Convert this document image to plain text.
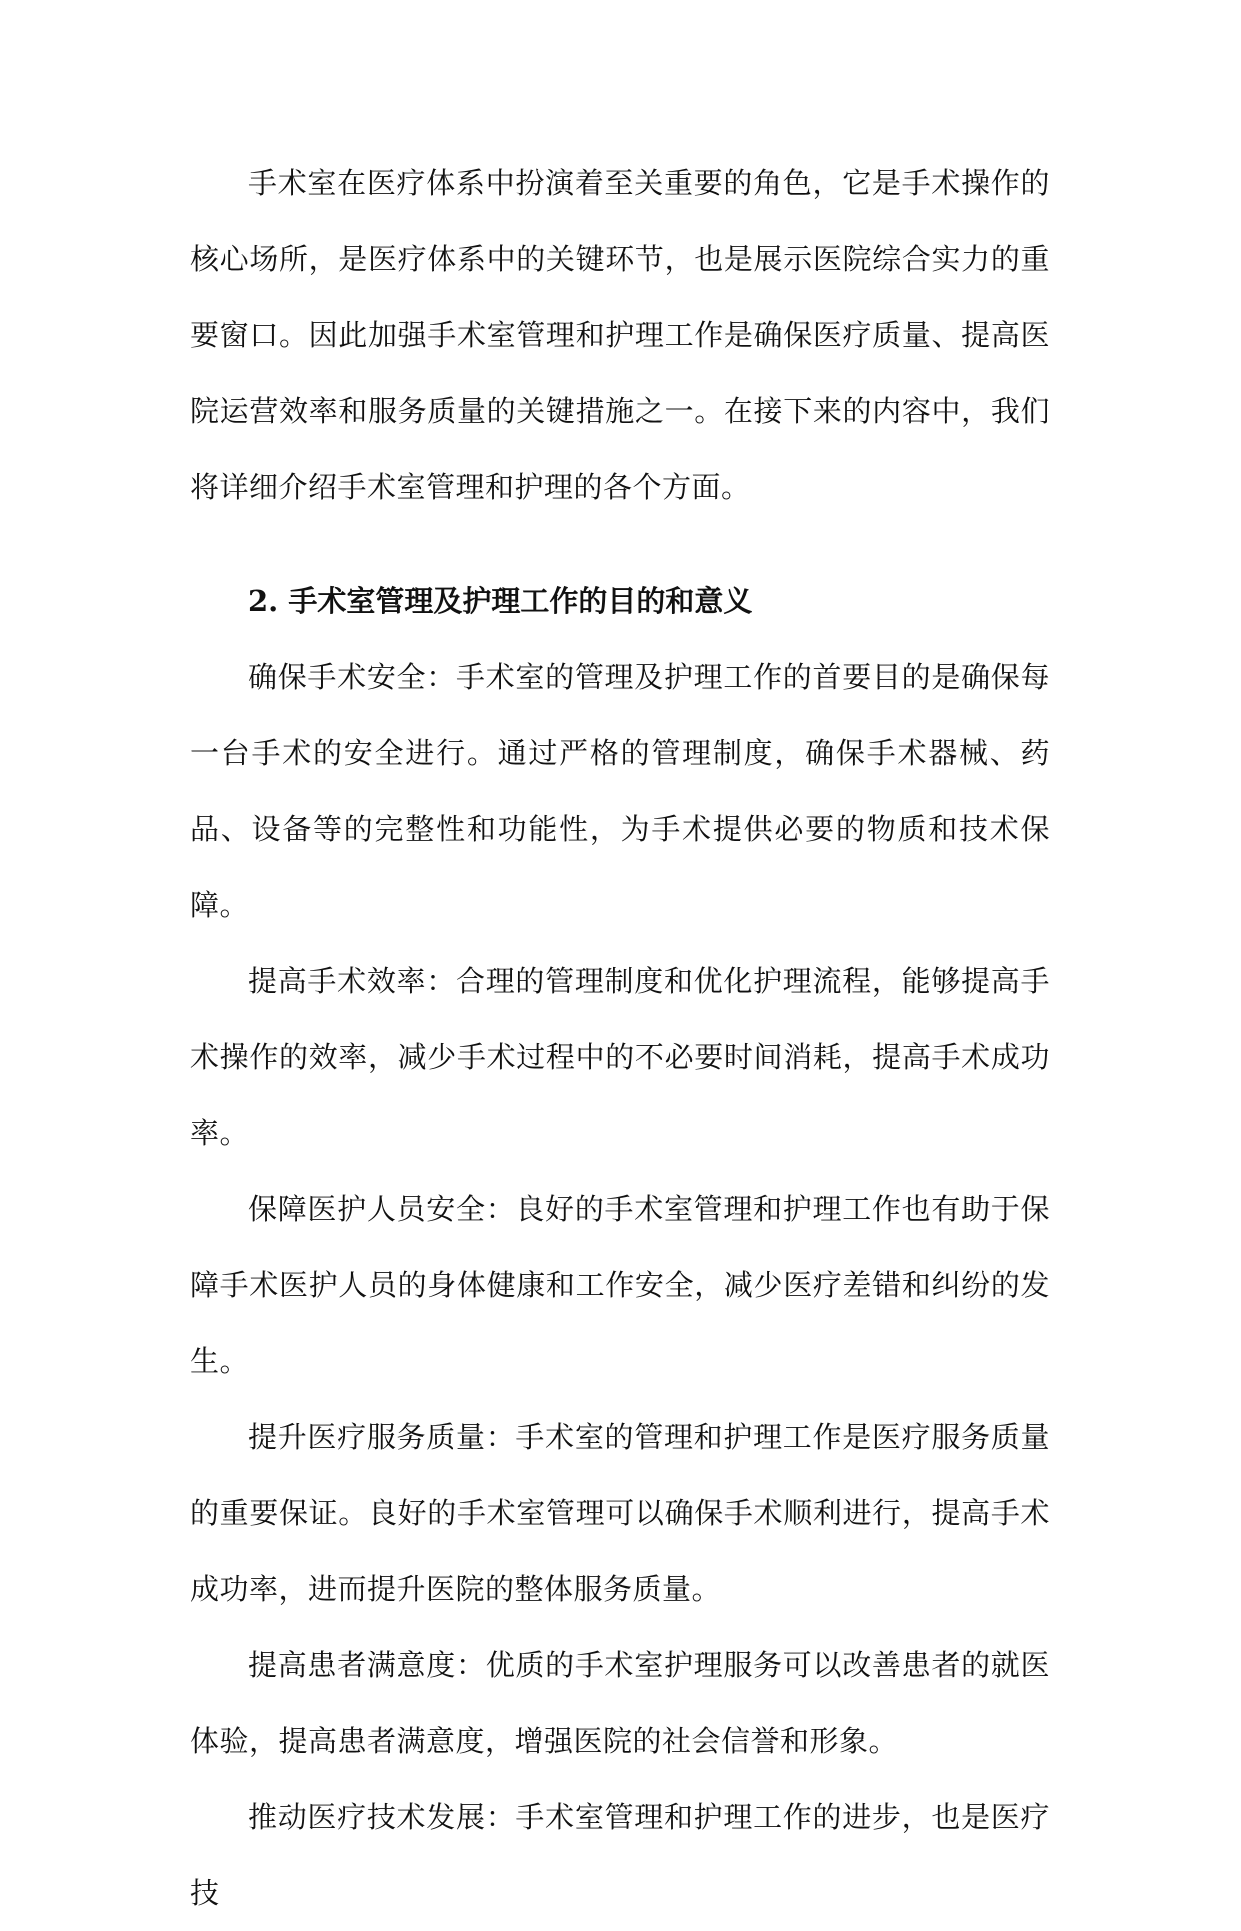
手术室在医疗体系中扮演着至关重要的角色，它是手术操作的核心场所，是医疗体系中的关键环节，也是展示医院综合实力的重要窗口。因此加强手术室管理和护理工作是确保医疗质量、提高医院运营效率和服务质量的关键措施之一。在接下来的内容中，我们将详细介绍手术室管理和护理的各个方面。

2. 手术室管理及护理工作的目的和意义

确保手术安全：手术室的管理及护理工作的首要目的是确保每一台手术的安全进行。通过严格的管理制度，确保手术器械、药品、设备等的完整性和功能性，为手术提供必要的物质和技术保障。

提高手术效率：合理的管理制度和优化护理流程，能够提高手术操作的效率，减少手术过程中的不必要时间消耗，提高手术成功率。

保障医护人员安全：良好的手术室管理和护理工作也有助于保障手术医护人员的身体健康和工作安全，减少医疗差错和纠纷的发生。

提升医疗服务质量：手术室的管理和护理工作是医疗服务质量的重要保证。良好的手术室管理可以确保手术顺利进行，提高手术成功率，进而提升医院的整体服务质量。

提高患者满意度：优质的手术室护理服务可以改善患者的就医体验，提高患者满意度，增强医院的社会信誉和形象。

推动医疗技术发展：手术室管理和护理工作的进步，也是医疗技
